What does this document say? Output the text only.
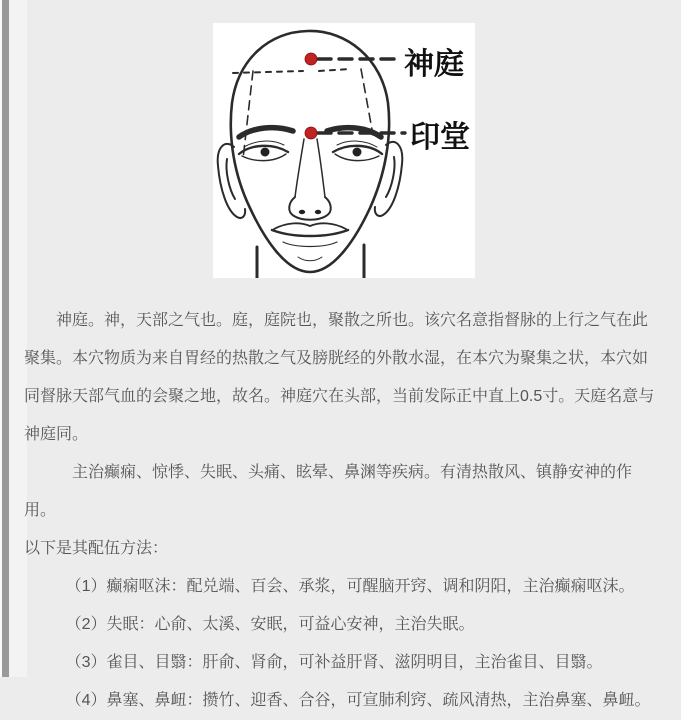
神庭
印堂

神庭。神，天部之气也。庭，庭院也，聚散之所也。该穴名意指督脉的上行之气在此聚集。本穴物质为来自胃经的热散之气及膀胱经的外散水湿，在本穴为聚集之状，本穴如同督脉天部气血的会聚之地，故名。神庭穴在头部，当前发际正中直上0.5寸。天庭名意与神庭同。

主治癫痫、惊悸、失眠、头痛、眩晕、鼻渊等疾病。有清热散风、镇静安神的作用。

以下是其配伍方法：

（1）癫痫呕沫：配兑端、百会、承浆，可醒脑开窍、调和阴阳，主治癫痫呕沫。

（2）失眠：心俞、太溪、安眠，可益心安神，主治失眠。

（3）雀目、目翳：肝俞、肾俞，可补益肝肾、滋阴明目，主治雀目、目翳。

（4）鼻塞、鼻衄：攒竹、迎香、合谷，可宣肺利窍、疏风清热，主治鼻塞、鼻衄。
